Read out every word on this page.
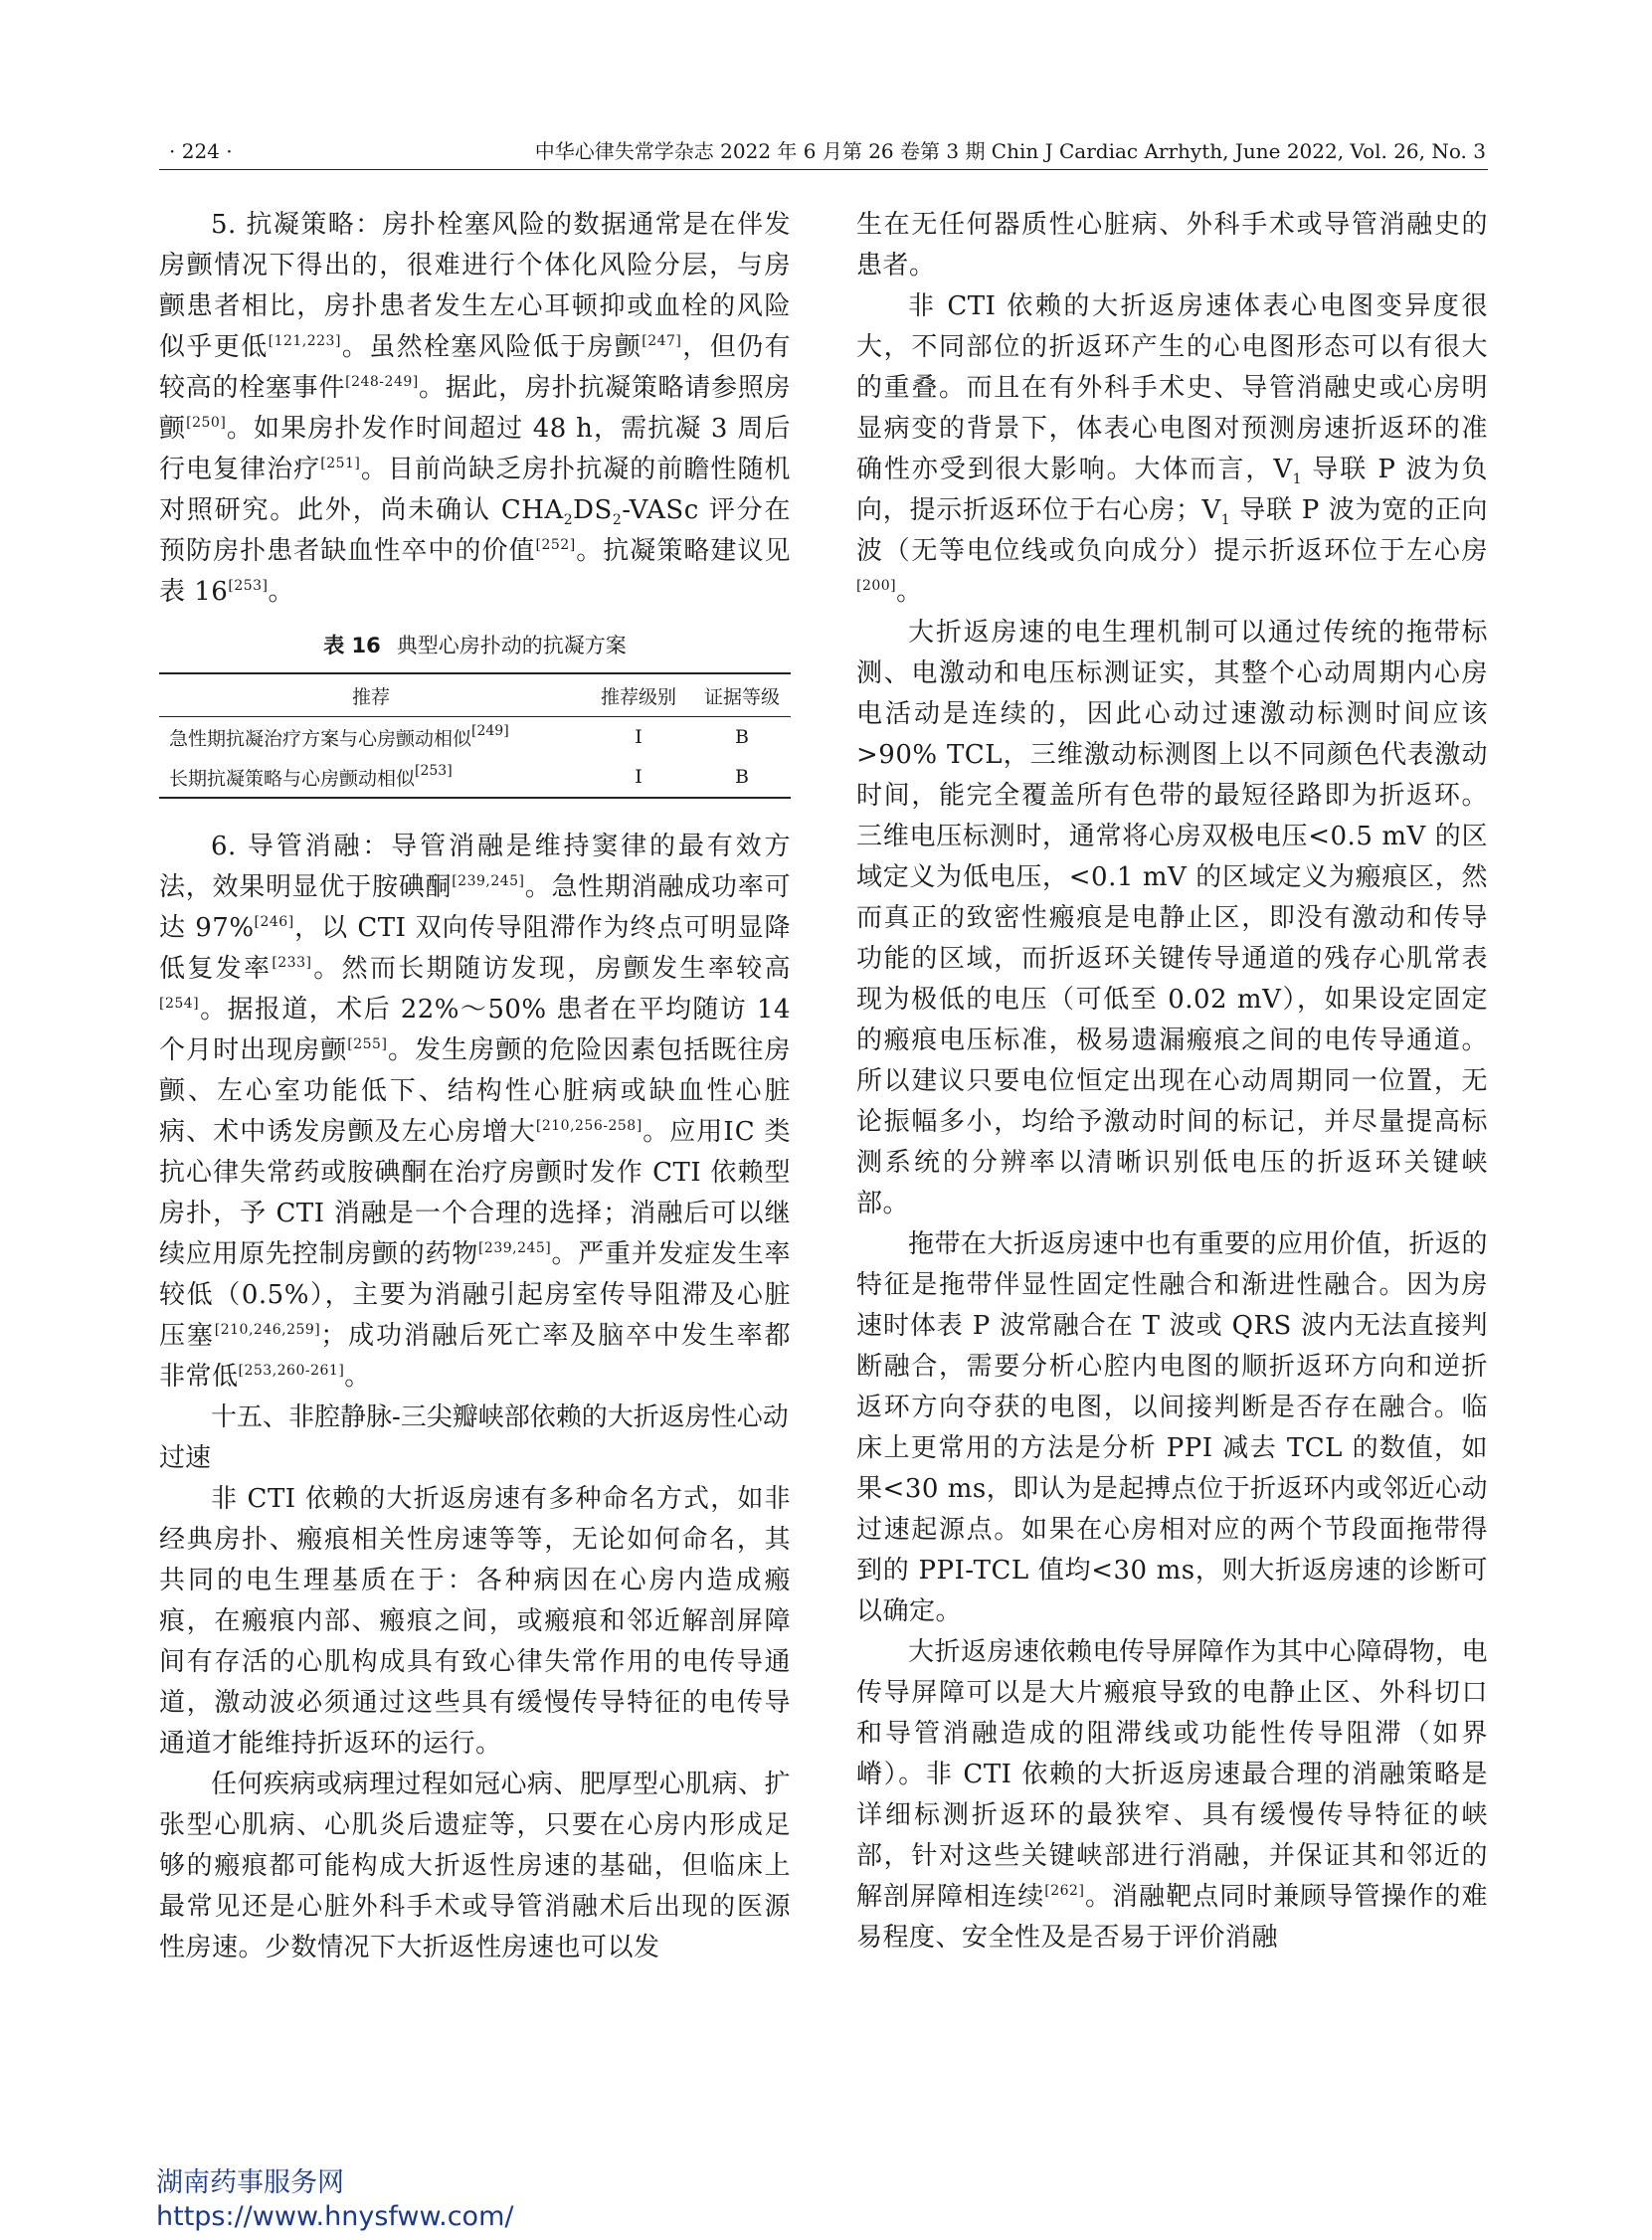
· 224 ·	中华心律失常学杂志 2022 年 6 月第 26 卷第 3 期 Chin J Cardiac Arrhyth, June 2022, Vol. 26, No. 3

5. 抗凝策略：房扑栓塞风险的数据通常是在伴发房颤情况下得出的，很难进行个体化风险分层，与房颤患者相比，房扑患者发生左心耳顿抑或血栓的风险似乎更低[121,223]。虽然栓塞风险低于房颤[247]，但仍有较高的栓塞事件[248-249]。据此，房扑抗凝策略请参照房颤[250]。如果房扑发作时间超过 48 h，需抗凝 3 周后行电复律治疗[251]。目前尚缺乏房扑抗凝的前瞻性随机对照研究。此外，尚未确认 $CHA_2DS_2$-VASc 评分在预防房扑患者缺血性卒中的价值[252]。抗凝策略建议见表 16[253]。

表 16 典型心房扑动的抗凝方案
推荐	推荐级别	证据等级
急性期抗凝治疗方案与心房颤动相似[249]	Ⅰ	B
长期抗凝策略与心房颤动相似[253]	Ⅰ	B

6. 导管消融：导管消融是维持窦律的最有效方法，效果明显优于胺碘酮[239,245]。急性期消融成功率可达 97%[246]，以 CTI 双向传导阻滞作为终点可明显降低复发率[233]。然而长期随访发现，房颤发生率较高[254]。据报道，术后 22%～50% 患者在平均随访 14 个月时出现房颤[255]。发生房颤的危险因素包括既往房颤、左心室功能低下、结构性心脏病或缺血性心脏病、术中诱发房颤及左心房增大[210,256-258]。应用ⅠC 类抗心律失常药或胺碘酮在治疗房颤时发作 CTI 依赖型房扑，予 CTI 消融是一个合理的选择；消融后可以继续应用原先控制房颤的药物[239,245]。严重并发症发生率较低（0.5%），主要为消融引起房室传导阻滞及心脏压塞[210,246,259]；成功消融后死亡率及脑卒中发生率都非常低[253,260-261]。

十五、非腔静脉-三尖瓣峡部依赖的大折返房性心动过速

非 CTI 依赖的大折返房速有多种命名方式，如非经典房扑、瘢痕相关性房速等等，无论如何命名，其共同的电生理基质在于：各种病因在心房内造成瘢痕，在瘢痕内部、瘢痕之间，或瘢痕和邻近解剖屏障间有存活的心肌构成具有致心律失常作用的电传导通道，激动波必须通过这些具有缓慢传导特征的电传导通道才能维持折返环的运行。

任何疾病或病理过程如冠心病、肥厚型心肌病、扩张型心肌病、心肌炎后遗症等，只要在心房内形成足够的瘢痕都可能构成大折返性房速的基础，但临床上最常见还是心脏外科手术或导管消融术后出现的医源性房速。少数情况下大折返性房速也可以发

生在无任何器质性心脏病、外科手术或导管消融史的患者。

非 CTI 依赖的大折返房速体表心电图变异度很大，不同部位的折返环产生的心电图形态可以有很大的重叠。而且在有外科手术史、导管消融史或心房明显病变的背景下，体表心电图对预测房速折返环的准确性亦受到很大影响。大体而言，$V_1$ 导联 P 波为负向，提示折返环位于右心房；$V_1$ 导联 P 波为宽的正向波（无等电位线或负向成分）提示折返环位于左心房[200]。

大折返房速的电生理机制可以通过传统的拖带标测、电激动和电压标测证实，其整个心动周期内心房电活动是连续的，因此心动过速激动标测时间应该>90% TCL，三维激动标测图上以不同颜色代表激动时间，能完全覆盖所有色带的最短径路即为折返环。三维电压标测时，通常将心房双极电压<0.5 mV 的区域定义为低电压，<0.1 mV 的区域定义为瘢痕区，然而真正的致密性瘢痕是电静止区，即没有激动和传导功能的区域，而折返环关键传导通道的残存心肌常表现为极低的电压（可低至 0.02 mV），如果设定固定的瘢痕电压标准，极易遗漏瘢痕之间的电传导通道。所以建议只要电位恒定出现在心动周期同一位置，无论振幅多小，均给予激动时间的标记，并尽量提高标测系统的分辨率以清晰识别低电压的折返环关键峡部。

拖带在大折返房速中也有重要的应用价值，折返的特征是拖带伴显性固定性融合和渐进性融合。因为房速时体表 P 波常融合在 T 波或 QRS 波内无法直接判断融合，需要分析心腔内电图的顺折返环方向和逆折返环方向夺获的电图，以间接判断是否存在融合。临床上更常用的方法是分析 PPI 减去 TCL 的数值，如果<30 ms，即认为是起搏点位于折返环内或邻近心动过速起源点。如果在心房相对应的两个节段面拖带得到的 PPI-TCL 值均<30 ms，则大折返房速的诊断可以确定。

大折返房速依赖电传导屏障作为其中心障碍物，电传导屏障可以是大片瘢痕导致的电静止区、外科切口和导管消融造成的阻滞线或功能性传导阻滞（如界嵴）。非 CTI 依赖的大折返房速最合理的消融策略是详细标测折返环的最狭窄、具有缓慢传导特征的峡部，针对这些关键峡部进行消融，并保证其和邻近的解剖屏障相连续[262]。消融靶点同时兼顾导管操作的难易程度、安全性及是否易于评价消融

湖南药事服务网
https://www.hnysfww.com/
